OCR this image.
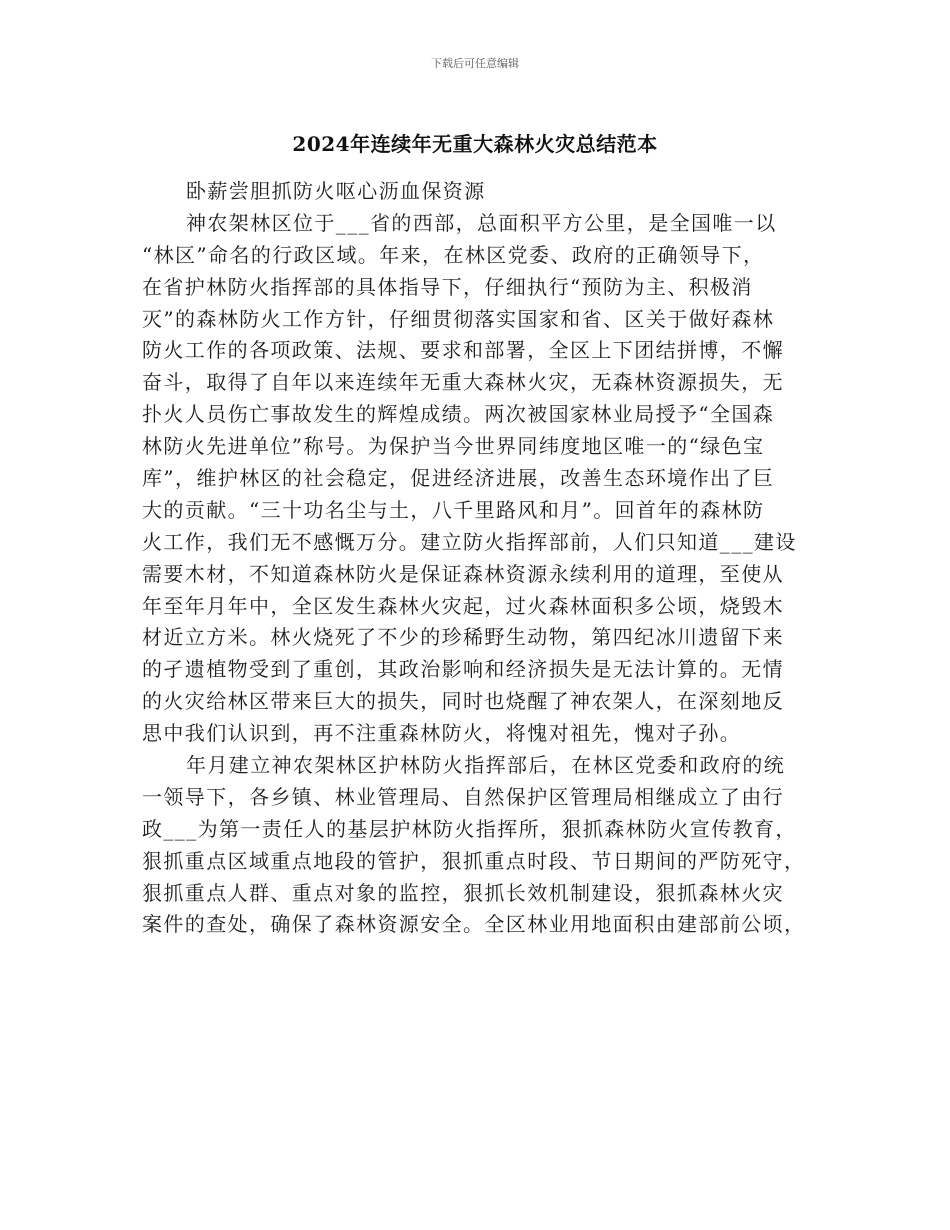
下载后可任意编辑
2024年连续年无重大森林火灾总结范本
卧薪尝胆抓防火呕心沥血保资源
神农架林区位于___省的西部，总面积平方公里，是全国唯一以
“林区”命名的行政区域。年来，在林区党委、政府的正确领导下，
在省护林防火指挥部的具体指导下，仔细执行“预防为主、积极消
灭”的森林防火工作方针，仔细贯彻落实国家和省、区关于做好森林
防火工作的各项政策、法规、要求和部署，全区上下团结拼博，不懈
奋斗，取得了自年以来连续年无重大森林火灾，无森林资源损失，无
扑火人员伤亡事故发生的辉煌成绩。两次被国家林业局授予“全国森
林防火先进单位”称号。为保护当今世界同纬度地区唯一的“绿色宝
库”，维护林区的社会稳定，促进经济进展，改善生态环境作出了巨
大的贡献。“三十功名尘与土，八千里路风和月”。回首年的森林防
火工作，我们无不感慨万分。建立防火指挥部前，人们只知道___建设
需要木材，不知道森林防火是保证森林资源永续利用的道理，至使从
年至年月年中，全区发生森林火灾起，过火森林面积多公顷，烧毁木
材近立方米。林火烧死了不少的珍稀野生动物，第四纪冰川遗留下来
的孑遗植物受到了重创，其政治影响和经济损失是无法计算的。无情
的火灾给林区带来巨大的损失，同时也烧醒了神农架人，在深刻地反
思中我们认识到，再不注重森林防火，将愧对祖先，愧对子孙。
年月建立神农架林区护林防火指挥部后，在林区党委和政府的统
一领导下，各乡镇、林业管理局、自然保护区管理局相继成立了由行
政___为第一责任人的基层护林防火指挥所，狠抓森林防火宣传教育，
狠抓重点区域重点地段的管护，狠抓重点时段、节日期间的严防死守，
狠抓重点人群、重点对象的监控，狠抓长效机制建设，狠抓森林火灾
案件的查处，确保了森林资源安全。全区林业用地面积由建部前公顷，
